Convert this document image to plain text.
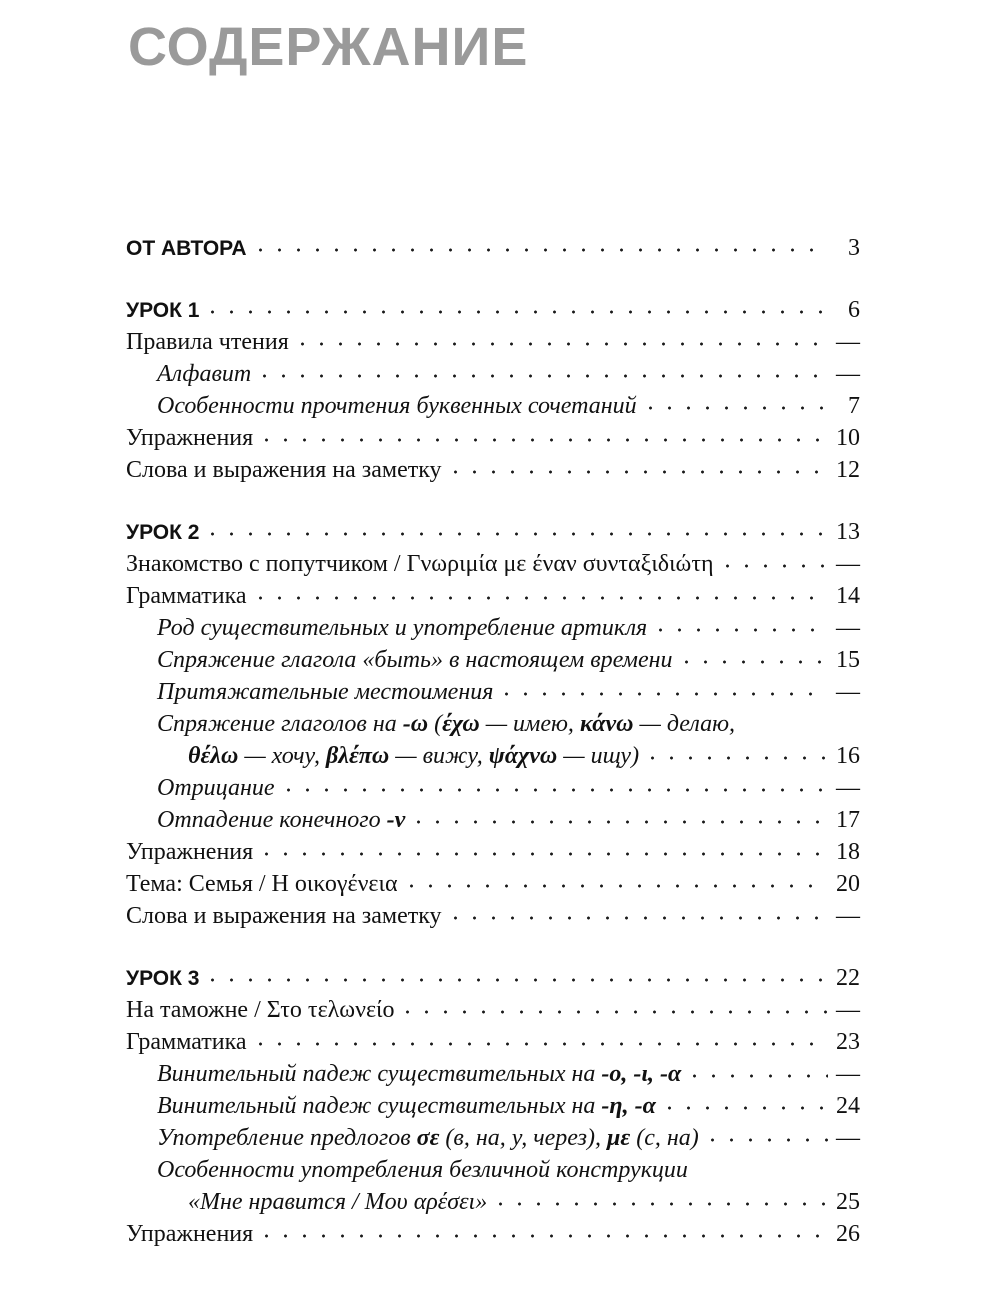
СОДЕРЖАНИЕ
ОТ АВТОРА	3
УРОК 1	6
Правила чтения	—
Алфавит	—
Особенности прочтения буквенных сочетаний	7
Упражнения	10
Слова и выражения на заметку	12
УРОК 2	13
Знакомство с попутчиком / Γνωριμία με έναν συνταξιδιώτη	—
Грамматика	14
Род существительных и употребление артикля	—
Спряжение глагола «быть» в настоящем времени	15
Притяжательные местоимения	—
Спряжение глаголов на -ω (έχω — имею, κάνω — делаю,
θέλω — хочу, βλέπω — вижу, ψάχνω — ищу)	16
Отрицание	—
Отпадение конечного -ν	17
Упражнения	18
Тема: Семья / Η οικογένεια	20
Слова и выражения на заметку	—
УРОК 3	22
На таможне / Στο τελωνείο	—
Грамматика	23
Винительный падеж существительных на -ο, -ι, -α	—
Винительный падеж существительных на -η, -α	24
Употребление предлогов σε (в, на, у, через), με (с, на)	—
Особенности употребления безличной конструкции
«Мне нравится / Μου αρέσει»	25
Упражнения	26
